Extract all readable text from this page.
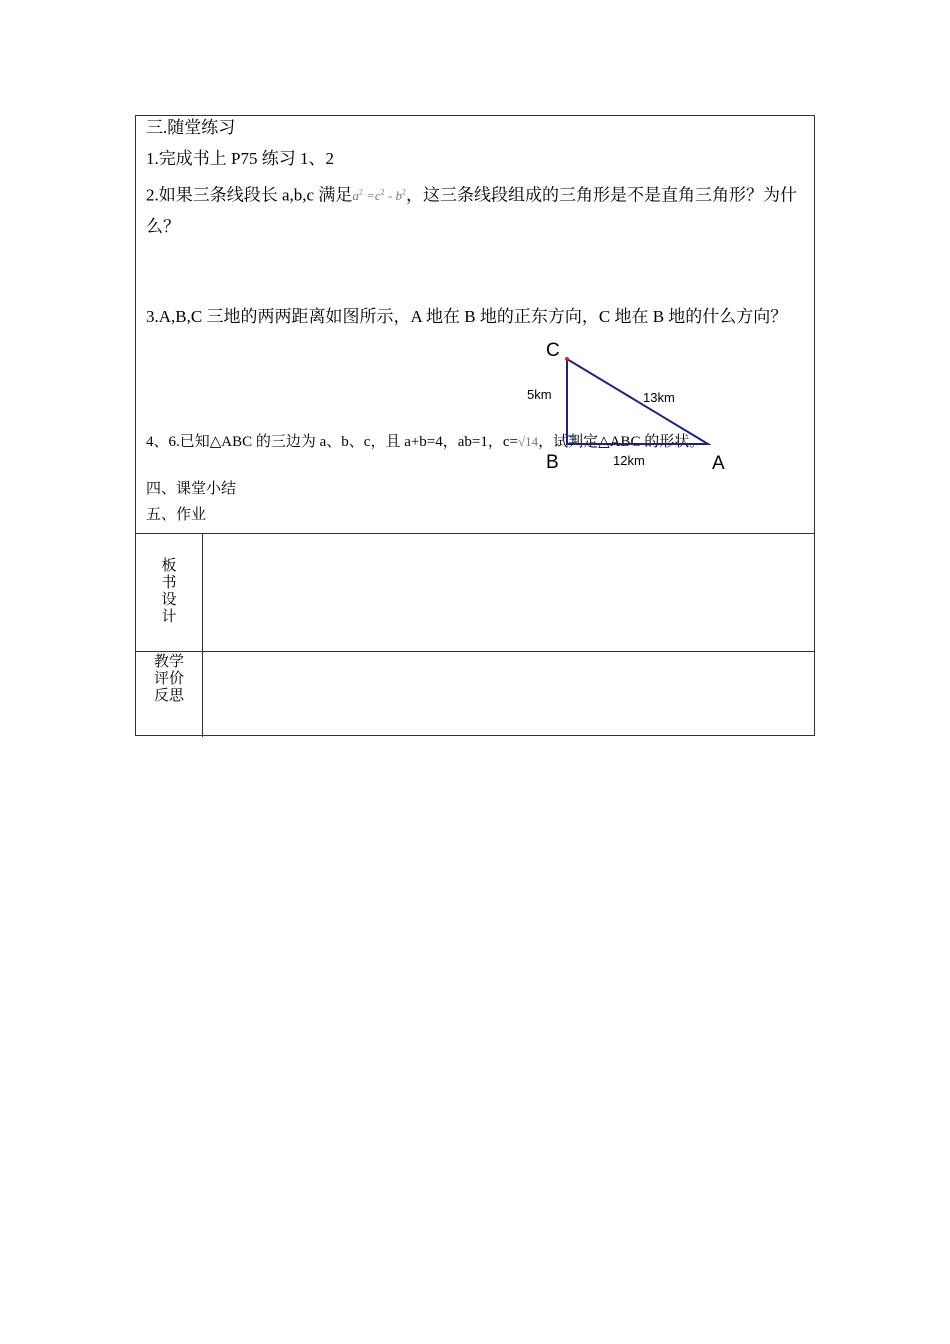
三.随堂练习
1.完成书上 P75 练习 1、2
2.如果三条线段长 a,b,c 满足$a^2 =c^2 - b^2$，这三条线段组成的三角形是不是直角三角形？为什么？
3.A,B,C 三地的两两距离如图所示，A 地在 B 地的正东方向，C 地在 B 地的什么方向？
4、6.已知△ABC 的三边为 a、b、c，且 a+b=4，ab=1，c=√14，试判定△ABC 的形状。
四、课堂小结
五、作业
C
B	A
5km	13km
12km
板
书
设
计
教学
评价
反思
